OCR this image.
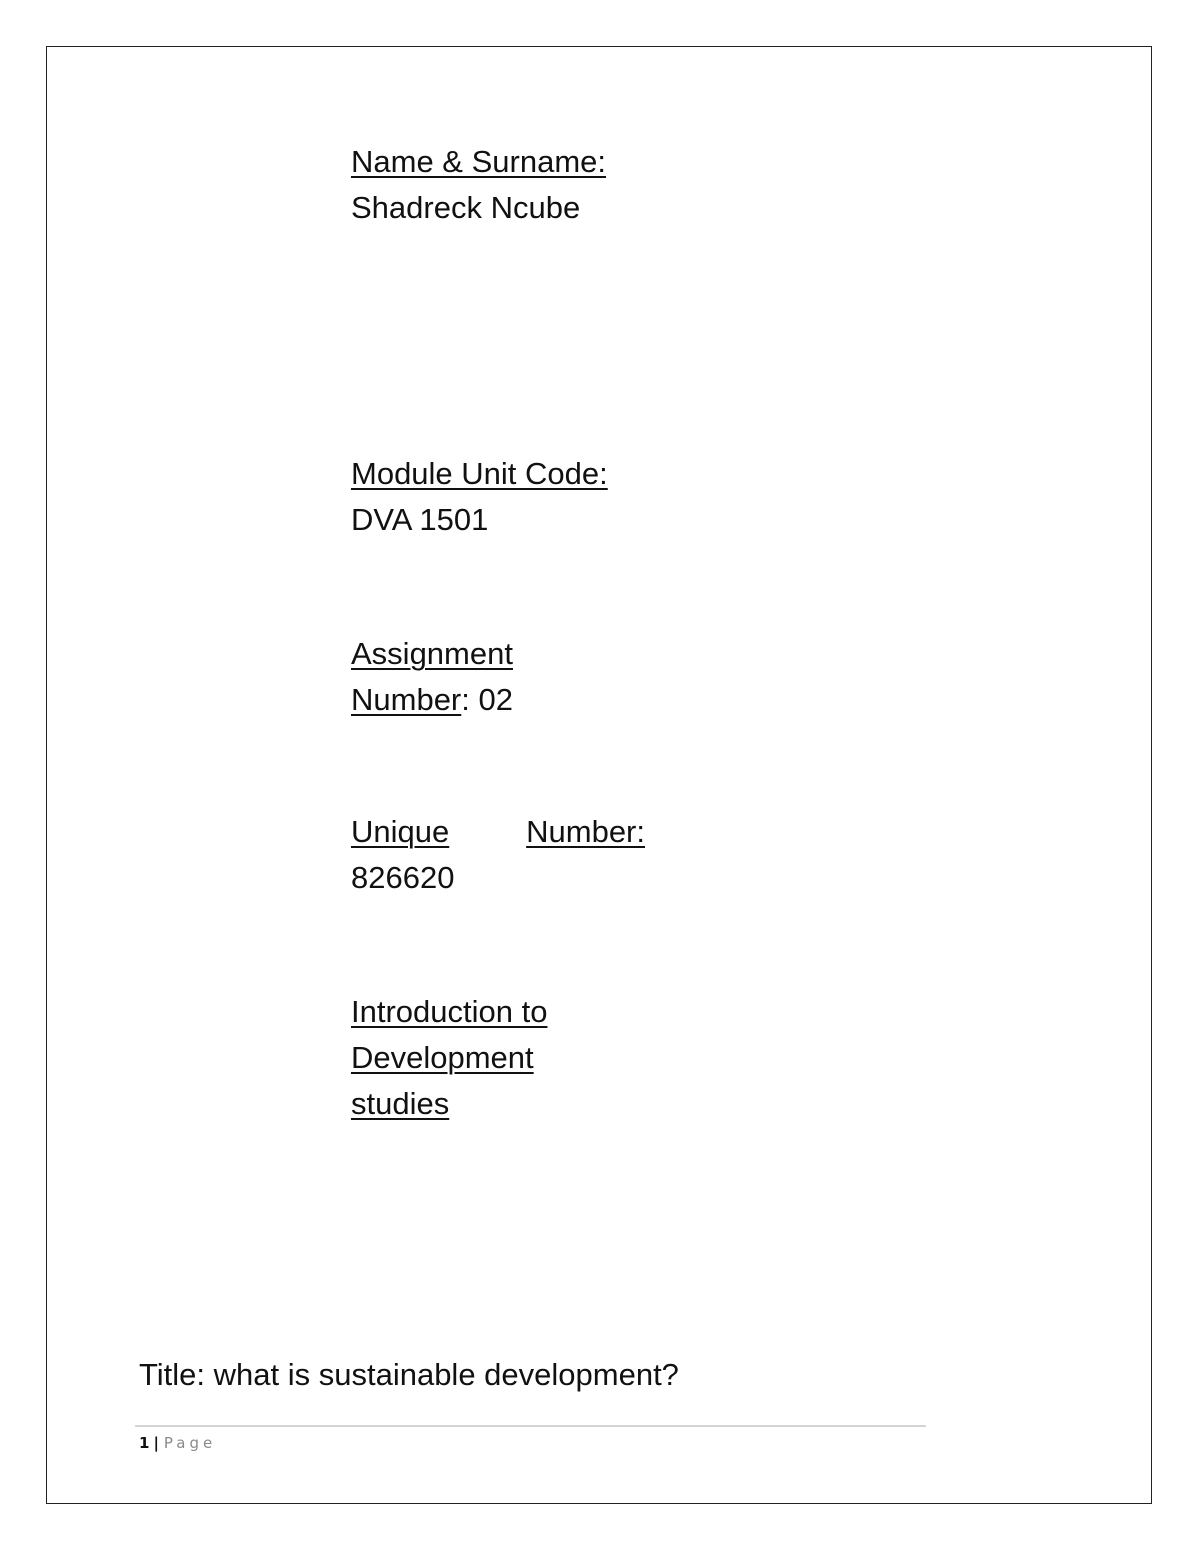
Name & Surname:
Shadreck Ncube
Module Unit Code:
DVA 1501
Assignment
Number: 02
Unique Number:
826620
Introduction to
Development
studies
Title: what is sustainable development?
1 | Page
